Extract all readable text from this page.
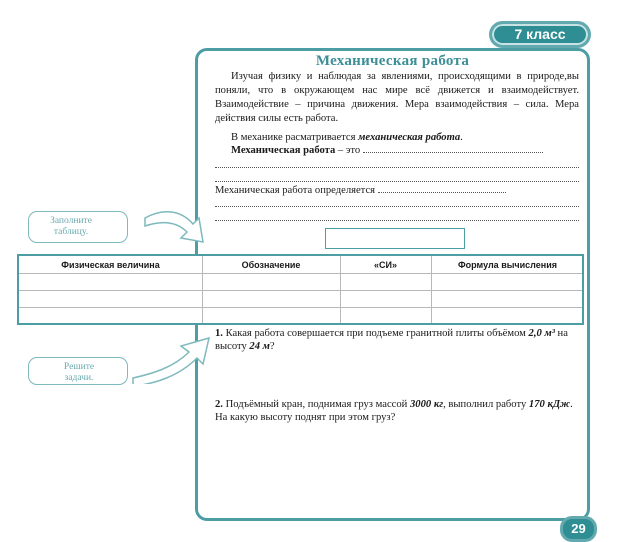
7 класс
Механическая работа
Изучая физику и наблюдая за явлениями, происходящими в природе,вы поняли, что в окружающем нас мире всё движется и взаимодействует. Взаимодействие – причина движения. Мера взаимодействия – сила. Мера действия силы есть работа.
В механике расматривается механическая работа.
Механическая работа – это
Механическая работа определяется
Заполните таблицу.
Физическая величина	Обозначение	«СИ»	Формула вычисления
Решите задачи.
1. Какая работа совершается при подъеме гранитной плиты объёмом 2,0 м³ на высоту 24 м?
2. Подъёмный кран, поднимая груз массой 3000 кг, выполнил работу 170 кДж.
На какую высоту поднят при этом груз?
29
